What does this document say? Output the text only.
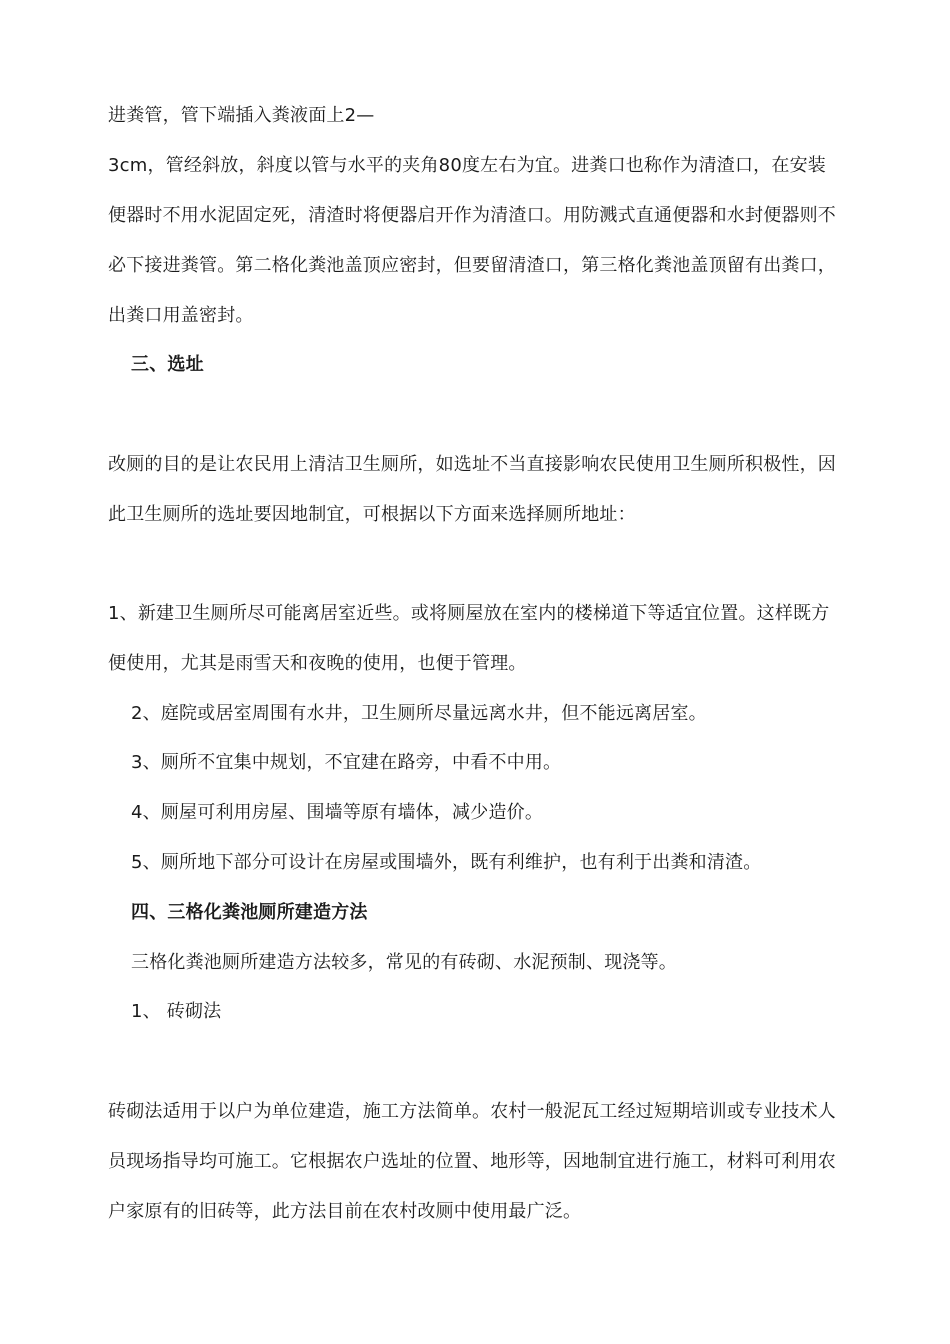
进粪管，管下端插入粪液面上2—
3cm，管经斜放，斜度以管与水平的夹角80度左右为宜。进粪口也称作为清渣口，在安装
便器时不用水泥固定死，清渣时将便器启开作为清渣口。用防溅式直通便器和水封便器则不
必下接进粪管。第二格化粪池盖顶应密封，但要留清渣口，第三格化粪池盖顶留有出粪口，
出粪口用盖密封。
三、选址
改厕的目的是让农民用上清洁卫生厕所，如选址不当直接影响农民使用卫生厕所积极性，因
此卫生厕所的选址要因地制宜，可根据以下方面来选择厕所地址：
1、新建卫生厕所尽可能离居室近些。或将厕屋放在室内的楼梯道下等适宜位置。这样既方
便使用，尤其是雨雪天和夜晚的使用，也便于管理。
2、庭院或居室周围有水井，卫生厕所尽量远离水井，但不能远离居室。
3、厕所不宜集中规划，不宜建在路旁，中看不中用。
4、厕屋可利用房屋、围墙等原有墙体，减少造价。
5、厕所地下部分可设计在房屋或围墙外，既有利维护，也有利于出粪和清渣。
四、三格化粪池厕所建造方法
三格化粪池厕所建造方法较多，常见的有砖砌、水泥预制、现浇等。
1、 砖砌法
砖砌法适用于以户为单位建造，施工方法简单。农村一般泥瓦工经过短期培训或专业技术人
员现场指导均可施工。它根据农户选址的位置、地形等，因地制宜进行施工，材料可利用农
户家原有的旧砖等，此方法目前在农村改厕中使用最广泛。
